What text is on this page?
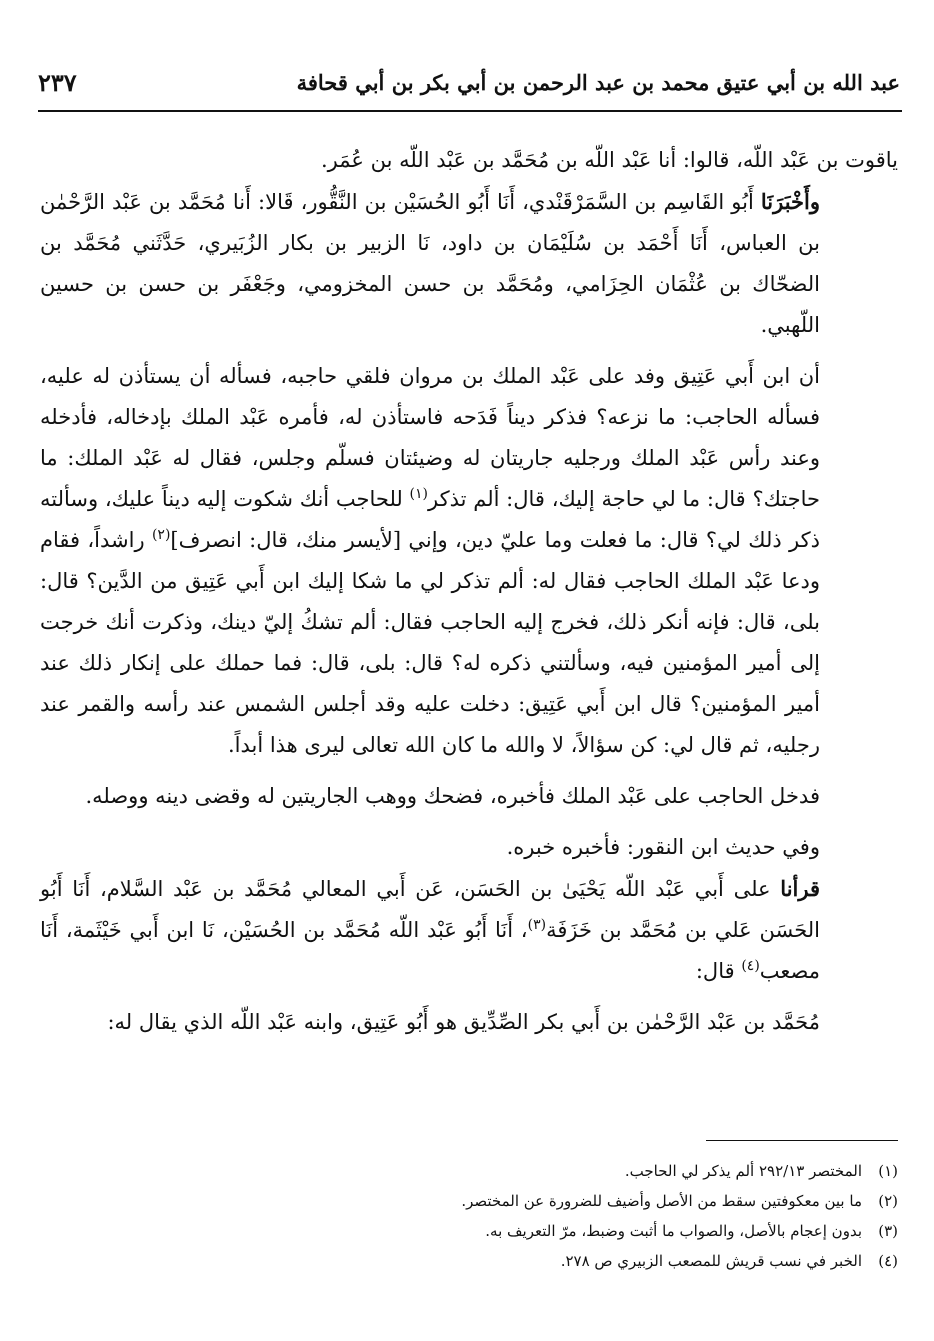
عبد الله بن أبي عتيق محمد بن عبد الرحمن بن أبي بكر بن أبي قحافة
٢٣٧

ياقوت بن عَبْد اللّه، قالوا: أنا عَبْد اللّه بن مُحَمَّد بن عَبْد اللّه بن عُمَر.

وأَخْبَرَنَا أَبُو القَاسِم بن السَّمَرْقَنْدي، أَنَا أَبُو الحُسَيْن بن النَّقُّور، قَالا: أَنا مُحَمَّد بن عَبْد الرَّحْمٰن بن العباس، أَنَا أَحْمَد بن سُلَيْمَان بن داود، نَا الزبير بن بكار الزُبَيري، حَدَّثَني مُحَمَّد بن الضحّاك بن عُثْمَان الحِزَامي، ومُحَمَّد بن حسن المخزومي، وجَعْفَر بن حسن بن حسين اللّهبي.

أن ابن أَبي عَتِيق وفد على عَبْد الملك بن مروان فلقي حاجبه، فسأله أن يستأذن له عليه، فسأله الحاجب: ما نزعه؟ فذكر ديناً فَدَحه فاستأذن له، فأمره عَبْد الملك بإدخاله، فأدخله وعند رأس عَبْد الملك ورجليه جاريتان له وضيئتان فسلّم وجلس، فقال له عَبْد الملك: ما حاجتك؟ قال: ما لي حاجة إليك، قال: ألم تذكر$^{(١)}$ للحاجب أنك شكوت إليه ديناً عليك، وسألته ذكر ذلك لي؟ قال: ما فعلت وما عليّ دين، وإني [لأيسر منك، قال: انصرف]$^{(٢)}$ راشداً، فقام ودعا عَبْد الملك الحاجب فقال له: ألم تذكر لي ما شكا إليك ابن أَبي عَتِيق من الدَّين؟ قال: بلى، قال: فإنه أنكر ذلك، فخرج إليه الحاجب فقال: ألم تشكُ إليّ دينك، وذكرت أنك خرجت إلى أمير المؤمنين فيه، وسألتني ذكره له؟ قال: بلى، قال: فما حملك على إنكار ذلك عند أمير المؤمنين؟ قال ابن أَبي عَتِيق: دخلت عليه وقد أجلس الشمس عند رأسه والقمر عند رجليه، ثم قال لي: كن سؤالاً، لا والله ما كان الله تعالى ليرى هذا أبداً.

فدخل الحاجب على عَبْد الملك فأخبره، فضحك ووهب الجاريتين له وقضى دينه ووصله.

وفي حديث ابن النقور: فأخبره خبره.

قرأنا على أَبي عَبْد اللّه يَحْيَىٰ بن الحَسَن، عَن أَبي المعالي مُحَمَّد بن عَبْد السَّلام، أَنَا أَبُو الحَسَن عَلي بن مُحَمَّد بن خَزَفَة$^{(٣)}$، أَنَا أَبُو عَبْد اللّه مُحَمَّد بن الحُسَيْن، نَا ابن أَبي خَيْثَمة، أَنَا مصعب$^{(٤)}$ قال:

مُحَمَّد بن عَبْد الرَّحْمٰن بن أَبي بكر الصِّدِّيق هو أَبُو عَتِيق، وابنه عَبْد اللّه الذي يقال له:

(١)المختصر ٢٩٢/١٣ ألم يذكر لي الحاجب.

(٢)ما بين معكوفتين سقط من الأصل وأضيف للضرورة عن المختصر.

(٣)بدون إعجام بالأصل، والصواب ما أثبت وضبط، مرّ التعريف به.

(٤)الخبر في نسب قريش للمصعب الزبيري ص ٢٧٨.
